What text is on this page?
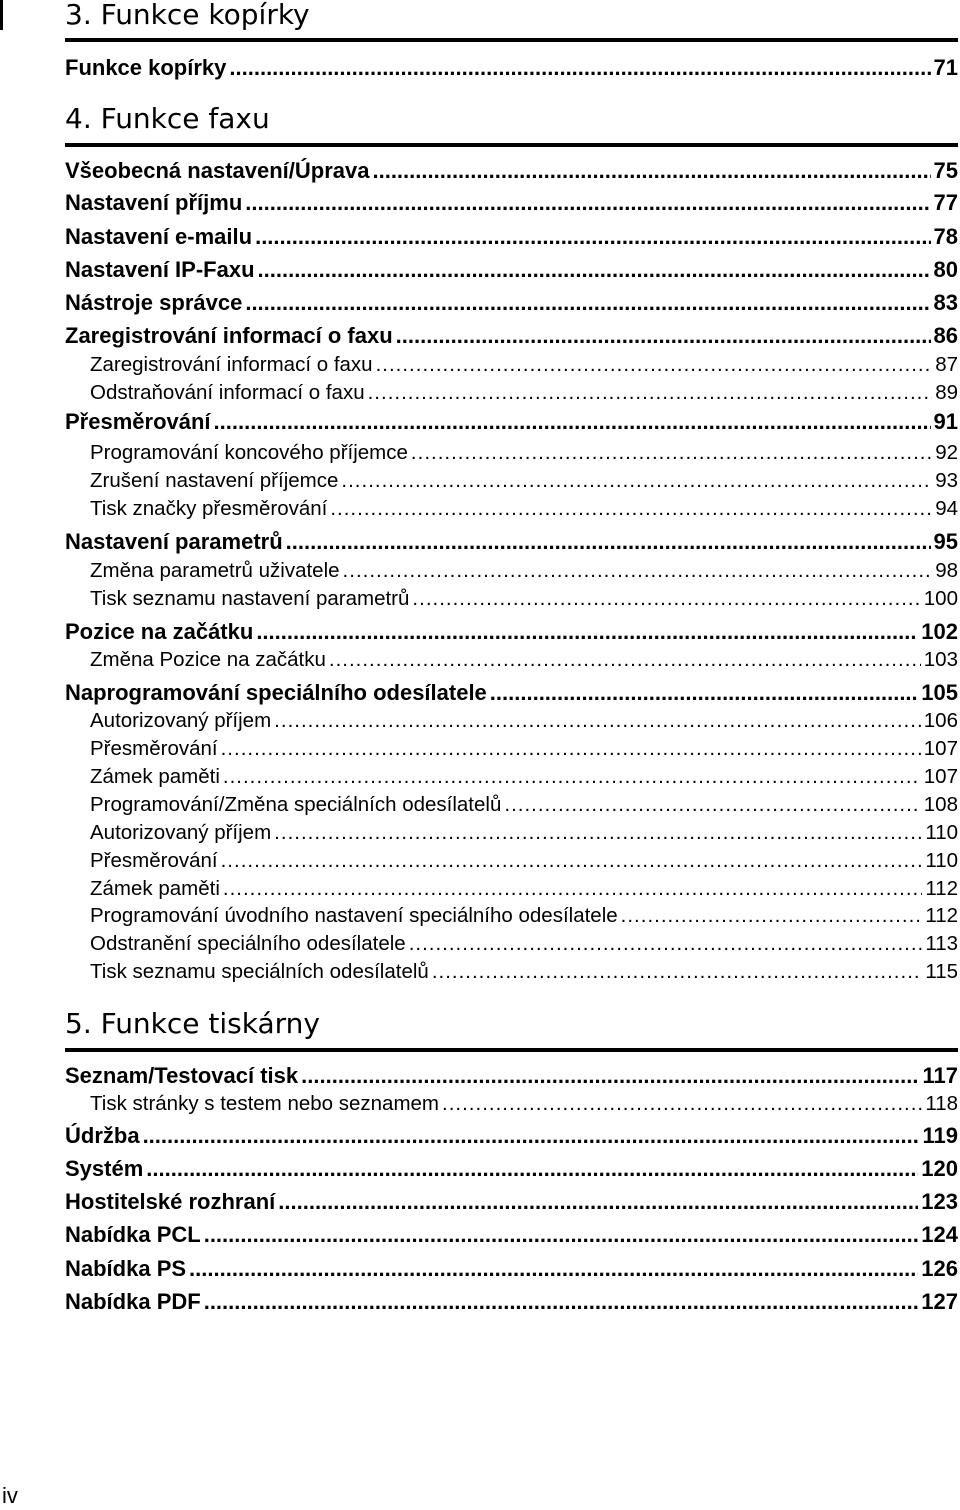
3. Funkce kopírky
Funkce kopírky .....	71
4. Funkce faxu
Všeobecná nastavení/Úprava .....	75
Nastavení příjmu .....	77
Nastavení e-mailu .....	78
Nastavení IP-Faxu .....	80
Nástroje správce .....	83
Zaregistrování informací o faxu .....	86
Zaregistrování informací o faxu .....	87
Odstraňování informací o faxu .....	89
Přesměrování .....	91
Programování koncového příjemce .....	92
Zrušení nastavení příjemce .....	93
Tisk značky přesměrování .....	94
Nastavení parametrů .....	95
Změna parametrů uživatele .....	98
Tisk seznamu nastavení parametrů .....	100
Pozice na začátku .....	102
Změna Pozice na začátku .....	103
Naprogramování speciálního odesílatele .....	105
Autorizovaný příjem .....	106
Přesměrování .....	107
Zámek paměti .....	107
Programování/Změna speciálních odesílatelů .....	108
Autorizovaný příjem .....	110
Přesměrování .....	110
Zámek paměti .....	112
Programování úvodního nastavení speciálního odesílatele .....	112
Odstranění speciálního odesílatele .....	113
Tisk seznamu speciálních odesílatelů .....	115
5. Funkce tiskárny
Seznam/Testovací tisk .....	117
Tisk stránky s testem nebo seznamem .....	118
Údržba .....	119
Systém .....	120
Hostitelské rozhraní .....	123
Nabídka PCL .....	124
Nabídka PS .....	126
Nabídka PDF .....	127
iv
